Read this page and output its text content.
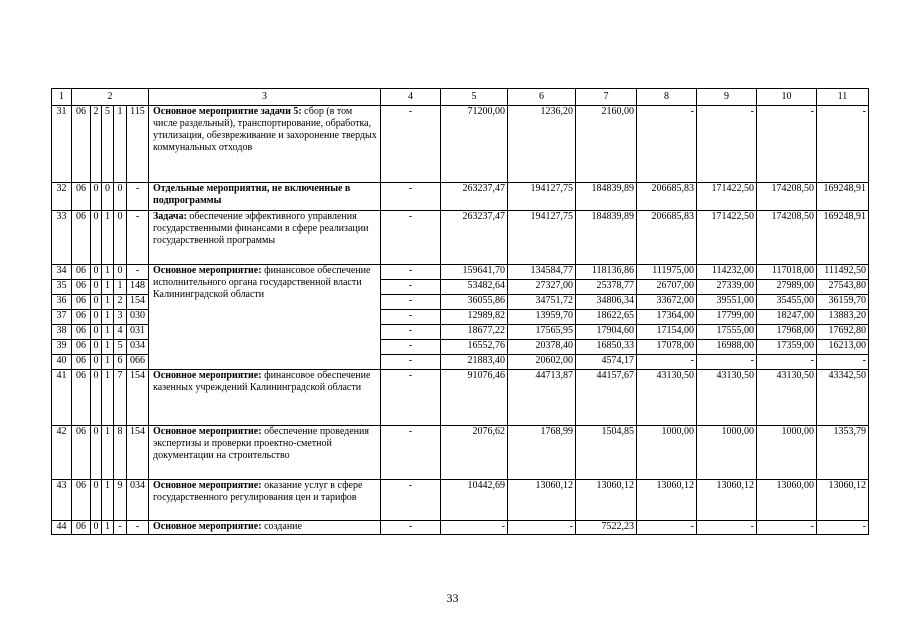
1	2					3	4	5	6	7	8	9	10	11
31	06	2	5	1	115	Основное мероприятие задачи 5: сбор (в том числе раздельный), транспортирование, обработка, утилизация, обезвреживание и захоронение твердых коммунальных отходов	-	71200,00	1236,20	2160,00	-	-	-	-
32	06	0	0	0	-	Отдельные мероприятия, не включенные в подпрограммы	-	263237,47	194127,75	184839,89	206685,83	171422,50	174208,50	169248,91
33	06	0	1	0	-	Задача: обеспечение эффективного управления государственными финансами в сфере реализации государственной программы	-	263237,47	194127,75	184839,89	206685,83	171422,50	174208,50	169248,91
34	06	0	1	0	-	Основное мероприятие: финансовое обеспечение исполнительного органа государственной власти Калининградской области	-	159641,70	134584,77	118136,86	111975,00	114232,00	117018,00	111492,50
35	06	0	1	1	148		-	53482,64	27327,00	25378,77	26707,00	27339,00	27989,00	27543,80
36	06	0	1	2	154		-	36055,86	34751,72	34806,34	33672,00	39551,00	35455,00	36159,70
37	06	0	1	3	030		-	12989,82	13959,70	18622,65	17364,00	17799,00	18247,00	13883,20
38	06	0	1	4	031		-	18677,22	17565,95	17904,60	17154,00	17555,00	17968,00	17692,80
39	06	0	1	5	034		-	16552,76	20378,40	16850,33	17078,00	16988,00	17359,00	16213,00
40	06	0	1	6	066		-	21883,40	20602,00	4574,17	-	-	-	-
41	06	0	1	7	154	Основное мероприятие: финансовое обеспечение казенных учреждений Калининградской области	-	91076,46	44713,87	44157,67	43130,50	43130,50	43130,50	43342,50
42	06	0	1	8	154	Основное мероприятие: обеспечение проведения экспертизы и проверки проектно-сметной документации на строительство	-	2076,62	1768,99	1504,85	1000,00	1000,00	1000,00	1353,79
43	06	0	1	9	034	Основное мероприятие: оказание услуг в сфере государственного регулирования цен и тарифов	-	10442,69	13060,12	13060,12	13060,12	13060,12	13060,00	13060,12
44	06	0	1	-	-	Основное мероприятие: создание	-	-	-	7522,23	-	-	-	-
33
